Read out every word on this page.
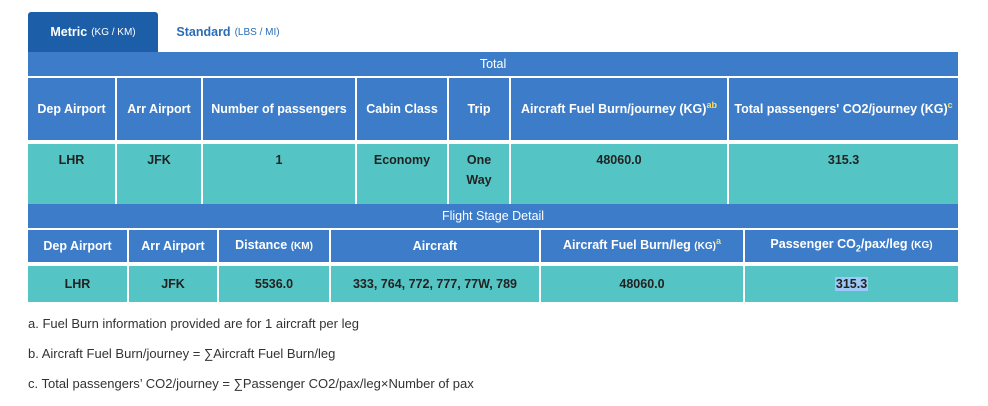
Metric (KG / KM)	Standard (LBS / MI)
Total						
Dep Airport	Arr Airport	Number of passengers	Cabin Class	Trip	Aircraft Fuel Burn/journey (KG)$^{ab}$	Total passengers' CO2/journey (KG)$^c$
LHR	JFK	1	Economy	One Way	48060.0	315.3
Flight Stage Detail					
Dep Airport	Arr Airport	Distance (KM)	Aircraft	Aircraft Fuel Burn/leg (KG)$^a$	Passenger $CO_2/pax$/leg (KG)
LHR	JFK	5536.0	333, 764, 772, 777, 77W, 789	48060.0	315.3
a. Fuel Burn information provided are for 1 aircraft per leg
b. Aircraft Fuel Burn/journey = ∑Aircraft Fuel Burn/leg
c. Total passengers’ CO2/journey = ∑Passenger CO2/pax/leg×Number of pax
